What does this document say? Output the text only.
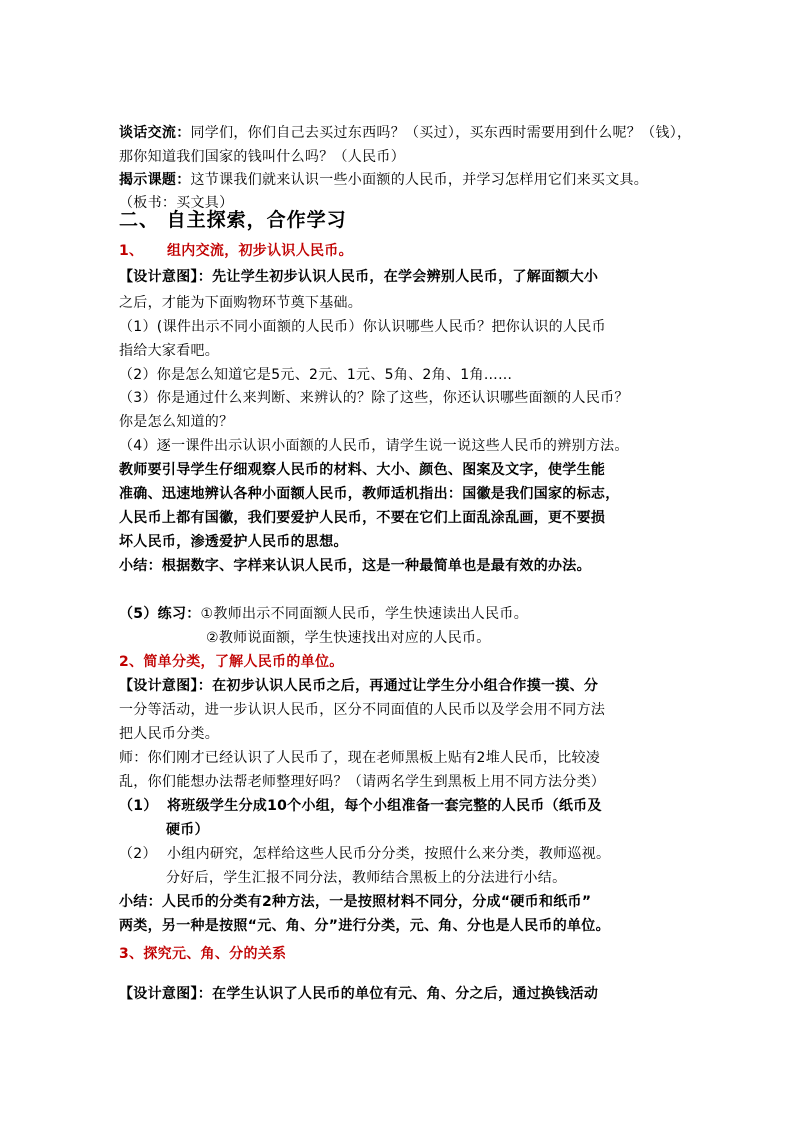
谈话交流：同学们，你们自己去买过东西吗？（买过），买东西时需要用到什么呢？（钱），
那你知道我们国家的钱叫什么吗？（人民币）
揭示课题：这节课我们就来认识一些小面额的人民币，并学习怎样用它们来买文具。
（板书：买文具）
二、 自主探索，合作学习
1、 组内交流，初步认识人民币。
【设计意图】：先让学生初步认识人民币，在学会辨别人民币，了解面额大小
之后，才能为下面购物环节奠下基础。
（1）(课件出示不同小面额的人民币）你认识哪些人民币？把你认识的人民币
指给大家看吧。
（2）你是怎么知道它是5元、2元、1元、5角、2角、1角……
（3）你是通过什么来判断、来辨认的？除了这些，你还认识哪些面额的人民币？
你是怎么知道的？
（4）逐一课件出示认识小面额的人民币，请学生说一说这些人民币的辨别方法。
教师要引导学生仔细观察人民币的材料、大小、颜色、图案及文字，使学生能
准确、迅速地辨认各种小面额人民币，教师适机指出：国徽是我们国家的标志，
人民币上都有国徽，我们要爱护人民币，不要在它们上面乱涂乱画，更不要损
坏人民币，渗透爱护人民币的思想。
小结：根据数字、字样来认识人民币，这是一种最简单也是最有效的办法。
（5）练习：①教师出示不同面额人民币，学生快速读出人民币。
②教师说面额，学生快速找出对应的人民币。
2、简单分类，了解人民币的单位。
【设计意图】：在初步认识人民币之后，再通过让学生分小组合作摸一摸、分
一分等活动，进一步认识人民币，区分不同面值的人民币以及学会用不同方法
把人民币分类。
师：你们刚才已经认识了人民币了，现在老师黑板上贴有2堆人民币，比较凌
乱，你们能想办法帮老师整理好吗？（请两名学生到黑板上用不同方法分类）
（1） 将班级学生分成10个小组，每个小组准备一套完整的人民币（纸币及
硬币）
（2） 小组内研究，怎样给这些人民币分分类，按照什么来分类，教师巡视。
分好后，学生汇报不同分法，教师结合黑板上的分法进行小结。
小结：人民币的分类有2种方法，一是按照材料不同分，分成“硬币和纸币”
两类，另一种是按照“元、角、分”进行分类，元、角、分也是人民币的单位。
3、探究元、角、分的关系
【设计意图】：在学生认识了人民币的单位有元、角、分之后，通过换钱活动
